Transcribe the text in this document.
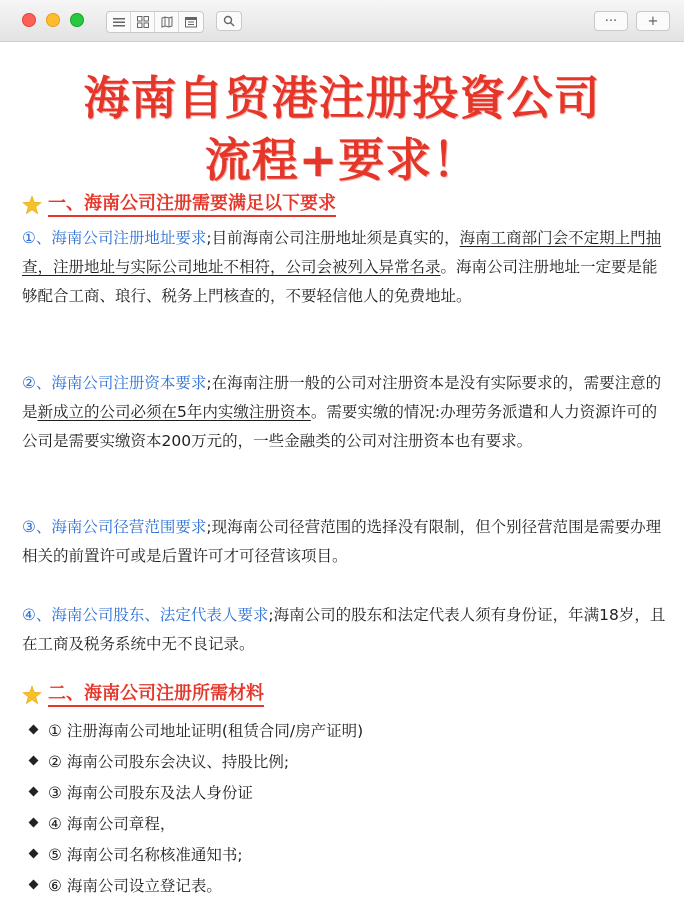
···	+
海南自贸港注册投資公司
流程+要求！
一、海南公司注册需要满足以下要求
①、海南公司注册地址要求;目前海南公司注册地址须是真实的，海南工商部门会不定期上門抽查，注册地址与实际公司地址不相符，公司会被列入异常名录。海南公司注册地址一定要是能够配合工商、琅行、税务上門核查的，不要轻信他人的免费地址。
②、海南公司注册资本要求;在海南注册一般的公司对注册资本是没有实际要求的，需要注意的是新成立的公司必须在5年内实缴注册资本。需要实缴的情况:办理劳务派遣和人力资源许可的公司是需要实缴资本200万元的，一些金融类的公司对注册资本也有要求。
③、海南公司径营范围要求;现海南公司径营范围的选择没有限制，但个别径营范围是需要办理相关的前置许可或是后置许可才可径营该项目。
④、海南公司股东、法定代表人要求;海南公司的股东和法定代表人须有身份证，年满18岁，且在工商及税务系统中无不良记录。
二、海南公司注册所需材料
① 注册海南公司地址证明(租赁合同/房产证明)
② 海南公司股东会决议、持股比例;
③ 海南公司股东及法人身份证
④ 海南公司章程，
⑤ 海南公司名称核准通知书;
⑥ 海南公司设立登记表。
